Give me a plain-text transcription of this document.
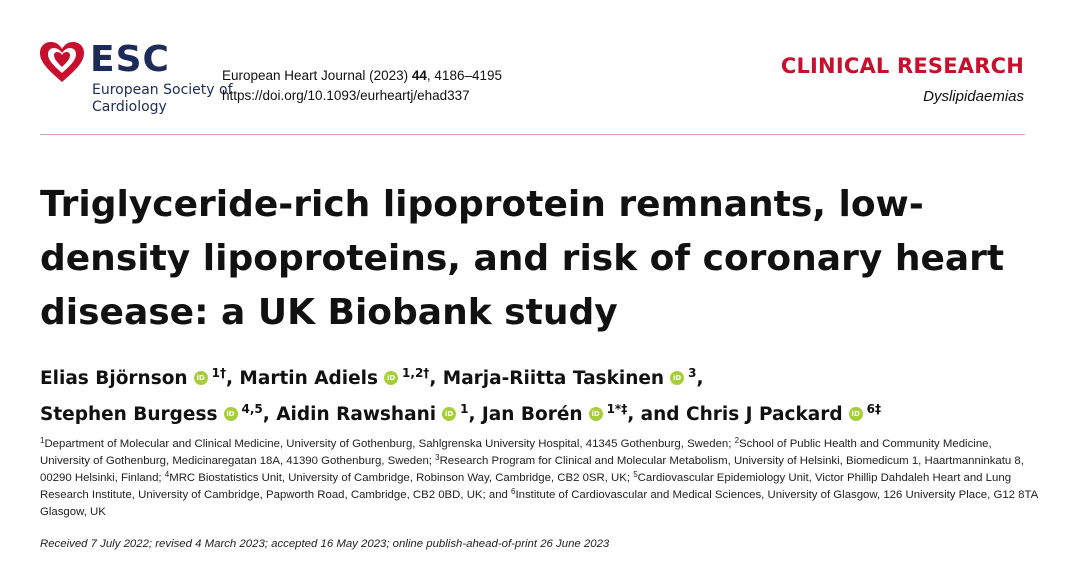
ESC
European Society of Cardiology
European Heart Journal (2023) 44, 4186–4195
https://doi.org/10.1093/eurheartj/ehad337
CLINICAL RESEARCH
Dyslipidaemias
Triglyceride-rich lipoprotein remnants, low-density lipoproteins, and risk of coronary heart disease: a UK Biobank study
Elias Björnson iD $^{1\dagger}$, Martin Adiels iD $^{1,2\dagger}$, Marja-Riitta Taskinen iD $^3$,
Stephen Burgess iD $^{4,5}$, Aidin Rawshani iD $^1$, Jan Borén iD $^{1*\ddagger}$, and Chris J Packard iD $^{6\ddagger}$
$^1$Department of Molecular and Clinical Medicine, University of Gothenburg, Sahlgrenska University Hospital, 41345 Gothenburg, Sweden; $^2$School of Public Health and Community Medicine, University of Gothenburg, Medicinaregatan 18A, 41390 Gothenburg, Sweden; $^3$Research Program for Clinical and Molecular Metabolism, University of Helsinki, Biomedicum 1, Haartmanninkatu 8, 00290 Helsinki, Finland; $^4$MRC Biostatistics Unit, University of Cambridge, Robinson Way, Cambridge, CB2 0SR, UK; $^5$Cardiovascular Epidemiology Unit, Victor Phillip Dahdaleh Heart and Lung Research Institute, University of Cambridge, Papworth Road, Cambridge, CB2 0BD, UK; and $^6$Institute of Cardiovascular and Medical Sciences, University of Glasgow, 126 University Place, G12 8TA Glasgow, UK
Received 7 July 2022; revised 4 March 2023; accepted 16 May 2023; online publish-ahead-of-print 26 June 2023
